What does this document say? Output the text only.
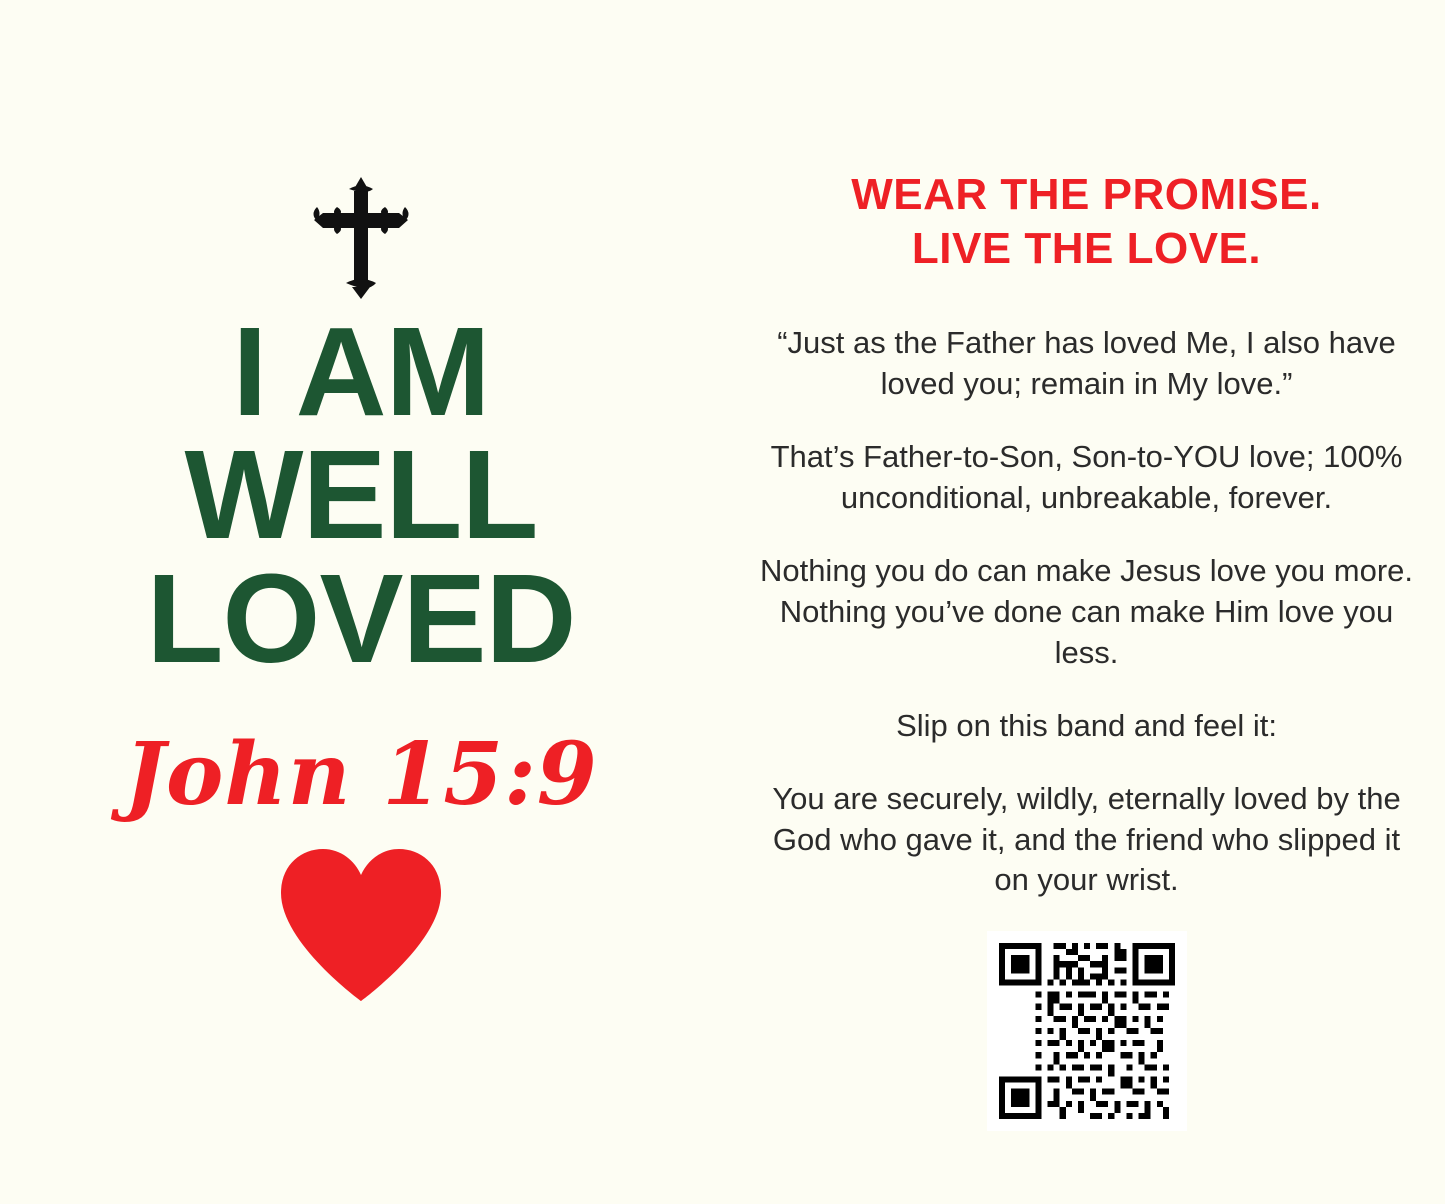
I AM
WELL
LOVED
John 15:9
WEAR THE PROMISE.
LIVE THE LOVE.

“Just as the Father has loved Me, I also have loved you; remain in My love.”

That’s Father-to-Son, Son-to-YOU love; 100% unconditional, unbreakable, forever.

Nothing you do can make Jesus love you more. Nothing you’ve done can make Him love you less.

Slip on this band and feel it:

You are securely, wildly, eternally loved by the God who gave it, and the friend who slipped it on your wrist.
